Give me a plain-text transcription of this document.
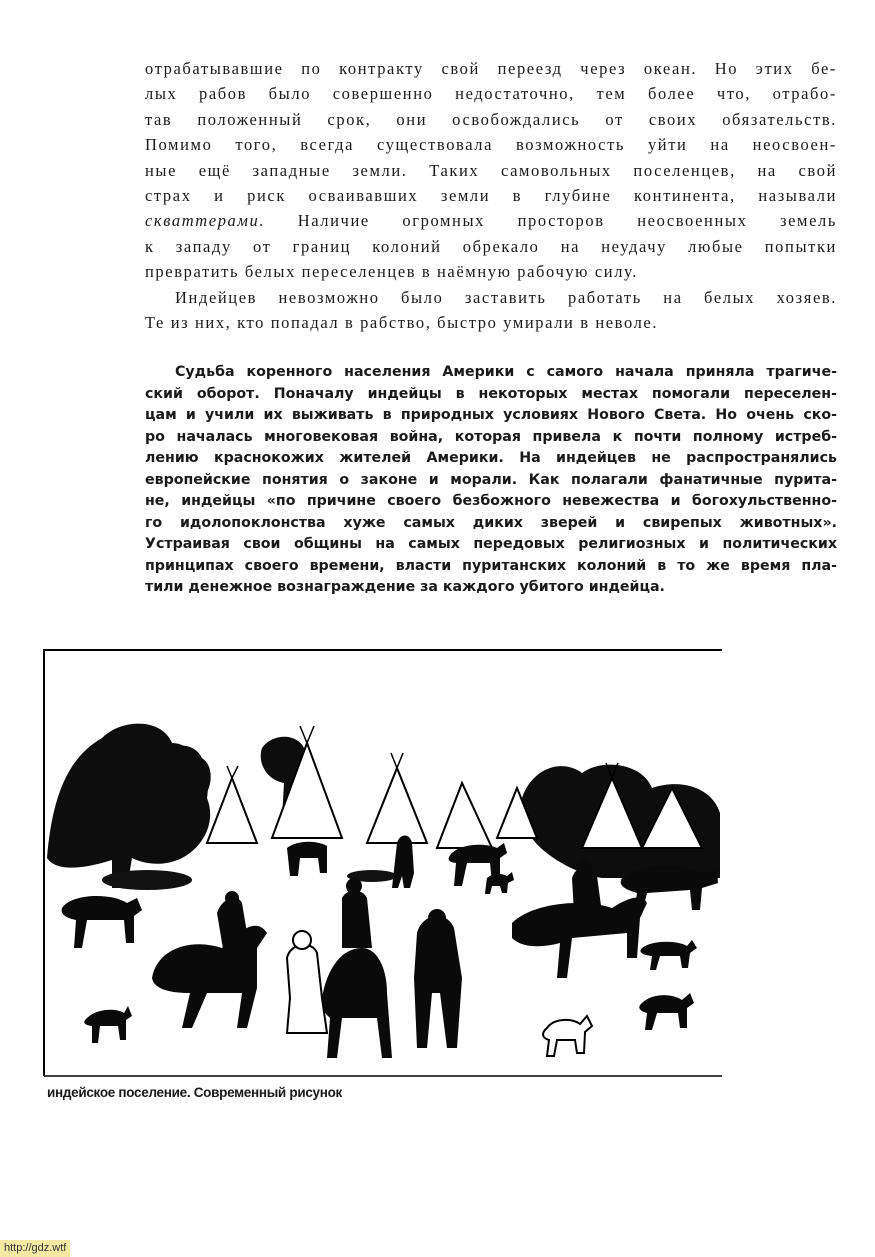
отрабатывавшие по контракту свой переезд через океан. Но этих бе-
лых рабов было совершенно недостаточно, тем более что, отрабо-
тав положенный срок, они освобождались от своих обязательств.
Помимо того, всегда существовала возможность уйти на неосвоен-
ные ещё западные земли. Таких самовольных поселенцев, на свой
страх и риск осваивавших земли в глубине континента, называли
скваттерами. Наличие огромных просторов неосвоенных земель
к западу от границ колоний обрекало на неудачу любые попытки
превратить белых переселенцев в наёмную рабочую силу.

Индейцев невозможно было заставить работать на белых хозяев.
Те из них, кто попадал в рабство, быстро умирали в неволе.

Судьба коренного населения Америки с самого начала приняла трагиче-
ский оборот. Поначалу индейцы в некоторых местах помогали переселен-
цам и учили их выживать в природных условиях Нового Света. Но очень ско-
ро началась многовековая война, которая привела к почти полному истреб-
лению краснокожих жителей Америки. На индейцев не распространялись
европейские понятия о законе и морали. Как полагали фанатичные пурита-
не, индейцы «по причине своего безбожного невежества и богохульственно-
го идолопоклонства хуже самых диких зверей и свирепых животных».
Устраивая свои общины на самых передовых религиозных и политических
принципах своего времени, власти пуританских колоний в то же время пла-
тили денежное вознаграждение за каждого убитого индейца.
индейское поселение. Современный рисунок
http://gdz.wtf
